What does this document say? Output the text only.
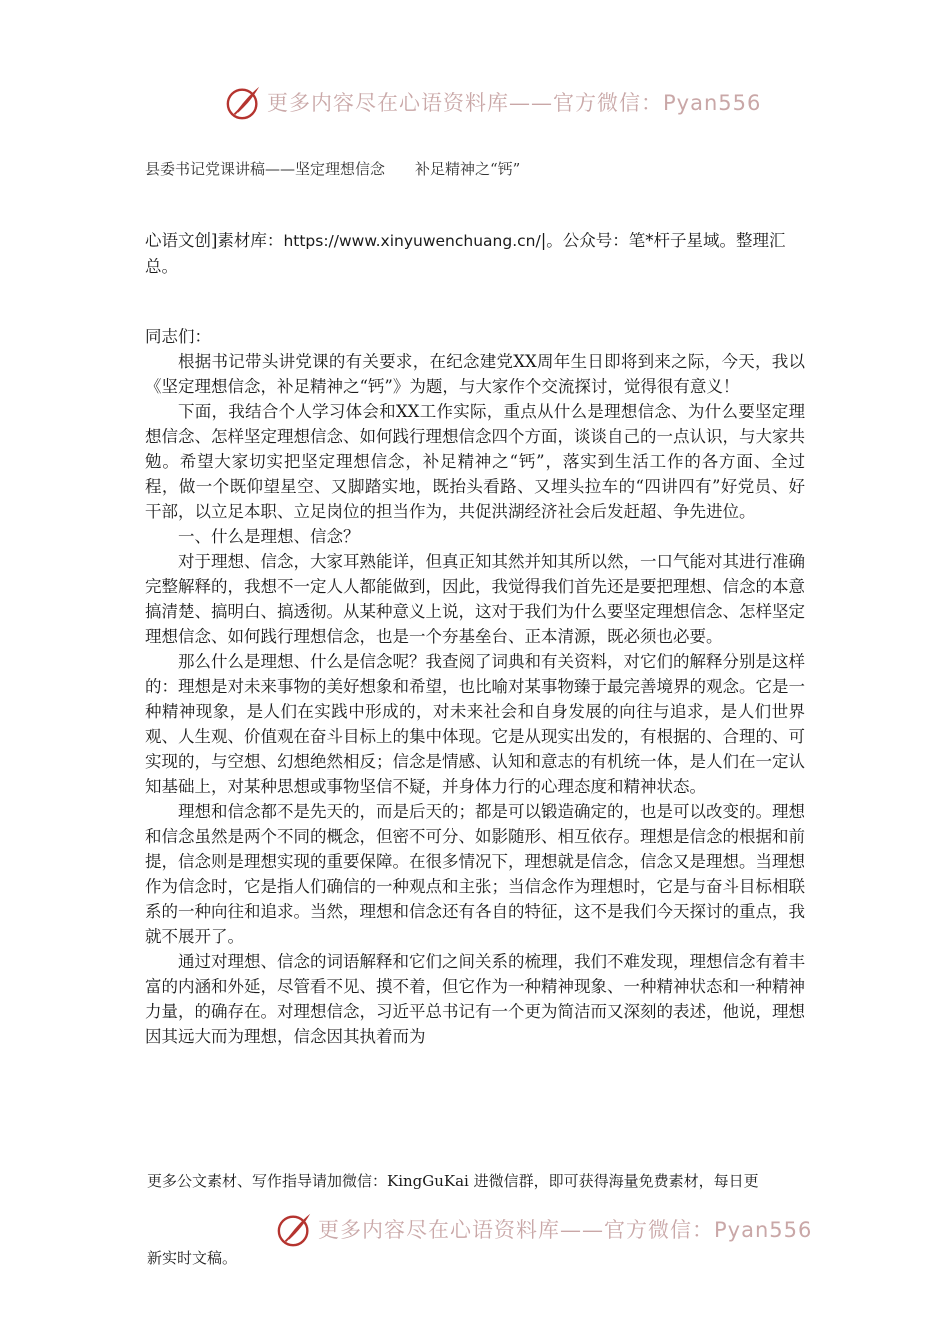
更多内容尽在心语资料库——官方微信：Pyan556
县委书记党课讲稿——坚定理想信念　　补足精神之“钙”
心语文创]素材库：https://www.xinyuwenchuang.cn/|。公众号：笔*杆子星域。整理汇总。

同志们：

根据书记带头讲党课的有关要求，在纪念建党XX周年生日即将到来之际，今天，我以《坚定理想信念，补足精神之“钙”》为题，与大家作个交流探讨，觉得很有意义！

下面，我结合个人学习体会和XX工作实际，重点从什么是理想信念、为什么要坚定理想信念、怎样坚定理想信念、如何践行理想信念四个方面，谈谈自己的一点认识，与大家共勉。希望大家切实把坚定理想信念，补足精神之“钙”，落实到生活工作的各方面、全过程，做一个既仰望星空、又脚踏实地，既抬头看路、又埋头拉车的“四讲四有”好党员、好干部，以立足本职、立足岗位的担当作为，共促洪湖经济社会后发赶超、争先进位。

一、什么是理想、信念？

对于理想、信念，大家耳熟能详，但真正知其然并知其所以然，一口气能对其进行准确完整解释的，我想不一定人人都能做到，因此，我觉得我们首先还是要把理想、信念的本意搞清楚、搞明白、搞透彻。从某种意义上说，这对于我们为什么要坚定理想信念、怎样坚定理想信念、如何践行理想信念，也是一个夯基垒台、正本清源，既必须也必要。

那么什么是理想、什么是信念呢？我查阅了词典和有关资料，对它们的解释分别是这样的：理想是对未来事物的美好想象和希望，也比喻对某事物臻于最完善境界的观念。它是一种精神现象，是人们在实践中形成的，对未来社会和自身发展的向往与追求，是人们世界观、人生观、价值观在奋斗目标上的集中体现。它是从现实出发的，有根据的、合理的、可实现的，与空想、幻想绝然相反；信念是情感、认知和意志的有机统一体，是人们在一定认知基础上，对某种思想或事物坚信不疑，并身体力行的心理态度和精神状态。

理想和信念都不是先天的，而是后天的；都是可以锻造确定的，也是可以改变的。理想和信念虽然是两个不同的概念，但密不可分、如影随形、相互依存。理想是信念的根据和前提，信念则是理想实现的重要保障。在很多情况下，理想就是信念，信念又是理想。当理想作为信念时，它是指人们确信的一种观点和主张；当信念作为理想时，它是与奋斗目标相联系的一种向往和追求。当然，理想和信念还有各自的特征，这不是我们今天探讨的重点，我就不展开了。

通过对理想、信念的词语解释和它们之间关系的梳理，我们不难发现，理想信念有着丰富的内涵和外延，尽管看不见、摸不着，但它作为一种精神现象、一种精神状态和一种精神力量，的确存在。对理想信念，习近平总书记有一个更为简洁而又深刻的表述，他说，理想因其远大而为理想，信念因其执着而为

更多公文素材、写作指导请加微信：KingGuKai 进微信群，即可获得海量免费素材，每日更
更多内容尽在心语资料库——官方微信：Pyan556
新实时文稿。
